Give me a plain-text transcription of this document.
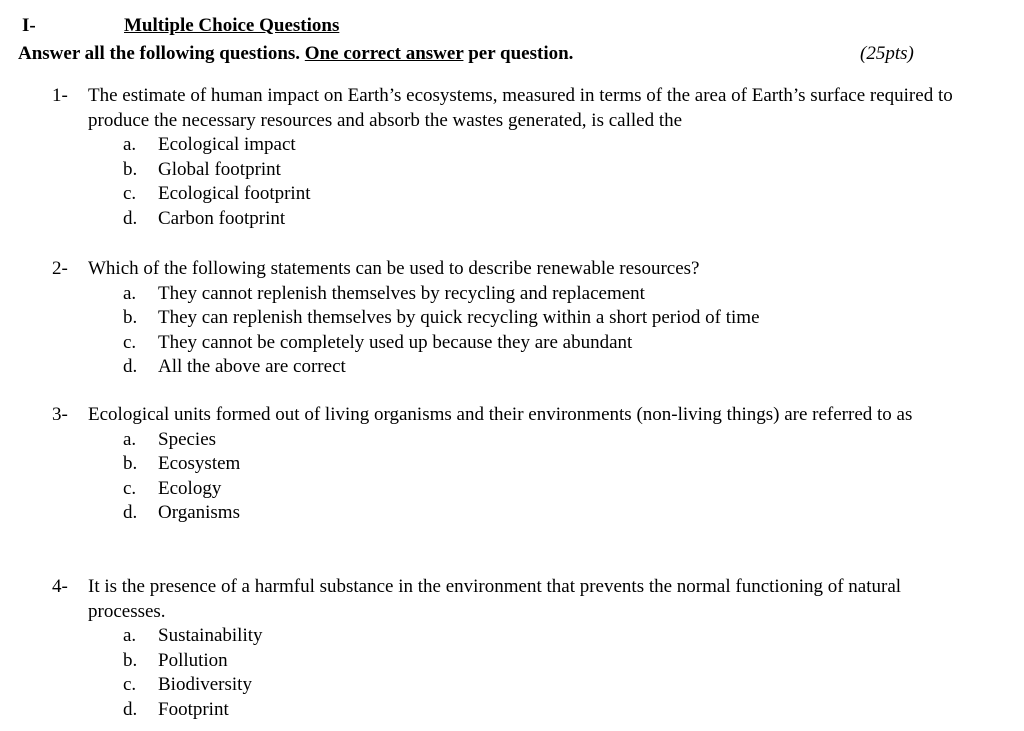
I-	Multiple Choice Questions
Answer all the following questions. One correct answer per question.	(25pts)
1- The estimate of human impact on Earth’s ecosystems, measured in terms of the area of Earth’s surface required to produce the necessary resources and absorb the wastes generated, is called the
a. Ecological impact
b. Global footprint
c. Ecological footprint
d. Carbon footprint
2- Which of the following statements can be used to describe renewable resources?
a. They cannot replenish themselves by recycling and replacement
b. They can replenish themselves by quick recycling within a short period of time
c. They cannot be completely used up because they are abundant
d. All the above are correct
3- Ecological units formed out of living organisms and their environments (non-living things) are referred to as
a. Species
b. Ecosystem
c. Ecology
d. Organisms
4- It is the presence of a harmful substance in the environment that prevents the normal functioning of natural processes.
a. Sustainability
b. Pollution
c. Biodiversity
d. Footprint
